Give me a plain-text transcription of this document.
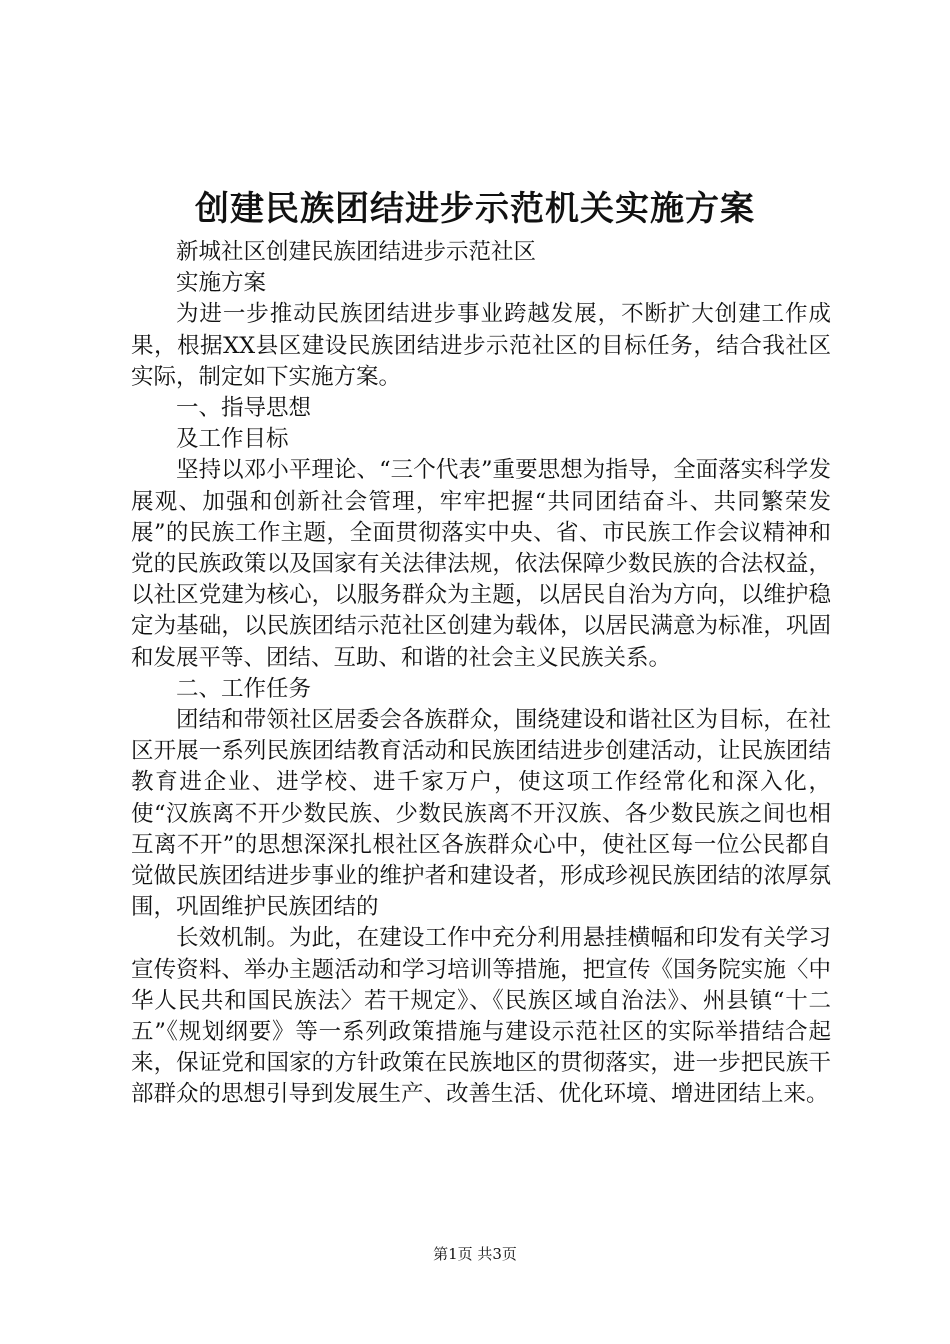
创建民族团结进步示范机关实施方案

新城社区创建民族团结进步示范社区

实施方案

为进一步推动民族团结进步事业跨越发展，不断扩大创建工作成果，根据XX县区建设民族团结进步示范社区的目标任务，结合我社区实际，制定如下实施方案。

一、指导思想

及工作目标

坚持以邓小平理论、“三个代表”重要思想为指导，全面落实科学发展观、加强和创新社会管理，牢牢把握“共同团结奋斗、共同繁荣发展”的民族工作主题，全面贯彻落实中央、省、市民族工作会议精神和党的民族政策以及国家有关法律法规，依法保障少数民族的合法权益，以社区党建为核心，以服务群众为主题，以居民自治为方向，以维护稳定为基础，以民族团结示范社区创建为载体，以居民满意为标准，巩固和发展平等、团结、互助、和谐的社会主义民族关系。

二、工作任务

团结和带领社区居委会各族群众，围绕建设和谐社区为目标，在社区开展一系列民族团结教育活动和民族团结进步创建活动，让民族团结教育进企业、进学校、进千家万户，使这项工作经常化和深入化，使“汉族离不开少数民族、少数民族离不开汉族、各少数民族之间也相互离不开”的思想深深扎根社区各族群众心中，使社区每一位公民都自觉做民族团结进步事业的维护者和建设者，形成珍视民族团结的浓厚氛围，巩固维护民族团结的

长效机制。为此，在建设工作中充分利用悬挂横幅和印发有关学习宣传资料、举办主题活动和学习培训等措施，把宣传《国务院实施〈中华人民共和国民族法〉若干规定》、《民族区域自治法》、州县镇“十二五”《规划纲要》等一系列政策措施与建设示范社区的实际举措结合起来，保证党和国家的方针政策在民族地区的贯彻落实，进一步把民族干部群众的思想引导到发展生产、改善生活、优化环境、增进团结上来。

第1页 共3页
